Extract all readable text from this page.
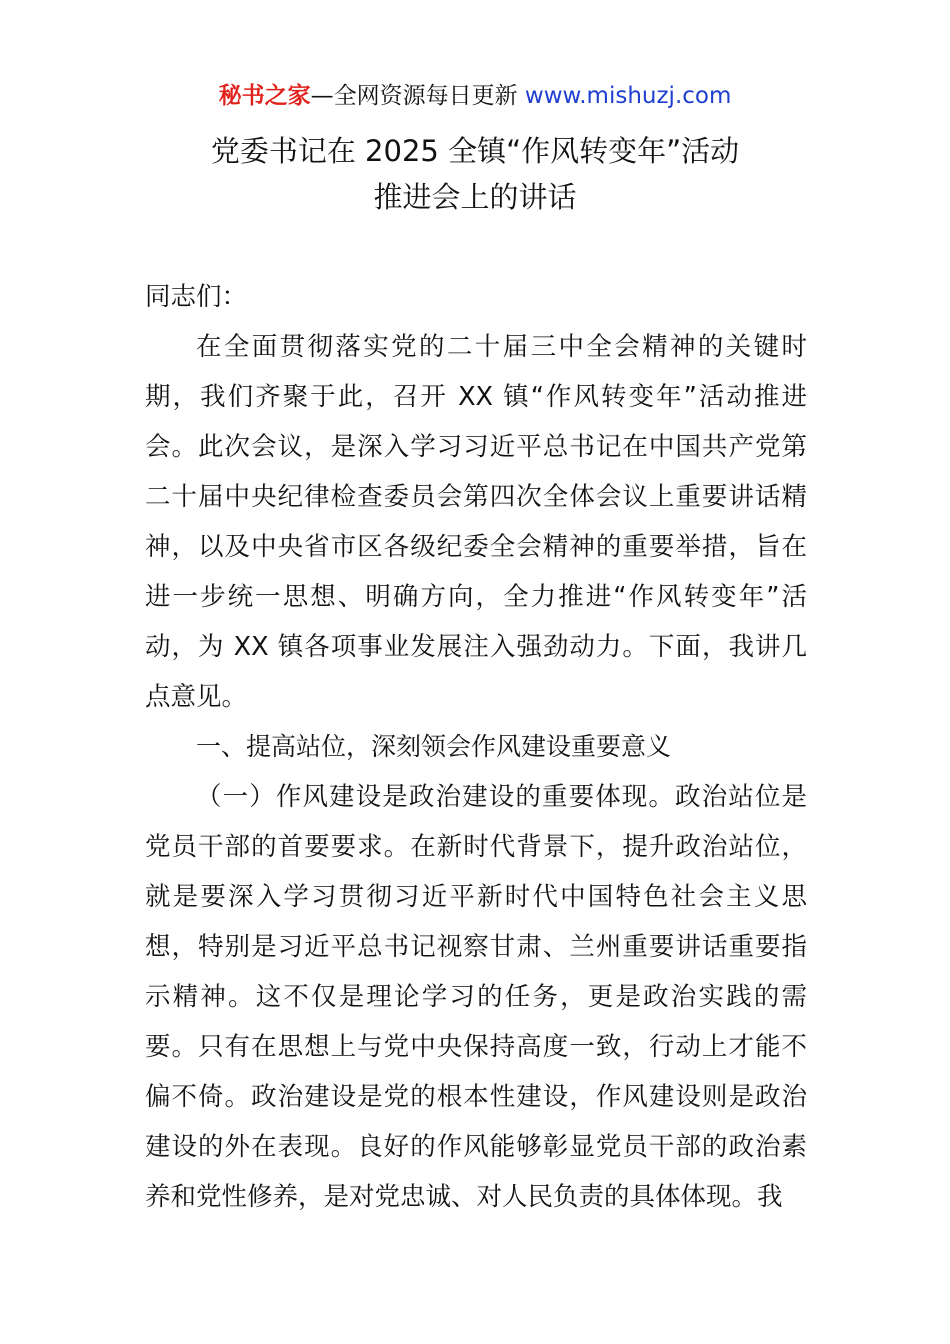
秘书之家—全网资源每日更新 www.mishuzj.com
党委书记在 2025 全镇“作风转变年”活动
推进会上的讲话

同志们：

在全面贯彻落实党的二十届三中全会精神的关键时期，我们齐聚于此，召开 XX 镇“作风转变年”活动推进会。此次会议，是深入学习习近平总书记在中国共产党第二十届中央纪律检查委员会第四次全体会议上重要讲话精神，以及中央省市区各级纪委全会精神的重要举措，旨在进一步统一思想、明确方向，全力推进“作风转变年”活动，为 XX 镇各项事业发展注入强劲动力。下面，我讲几点意见。

一、提高站位，深刻领会作风建设重要意义

（一）作风建设是政治建设的重要体现。政治站位是党员干部的首要要求。在新时代背景下，提升政治站位，就是要深入学习贯彻习近平新时代中国特色社会主义思想，特别是习近平总书记视察甘肃、兰州重要讲话重要指示精神。这不仅是理论学习的任务，更是政治实践的需要。只有在思想上与党中央保持高度一致，行动上才能不偏不倚。政治建设是党的根本性建设，作风建设则是政治建设的外在表现。良好的作风能够彰显党员干部的政治素养和党性修养，是对党忠诚、对人民负责的具体体现。我
